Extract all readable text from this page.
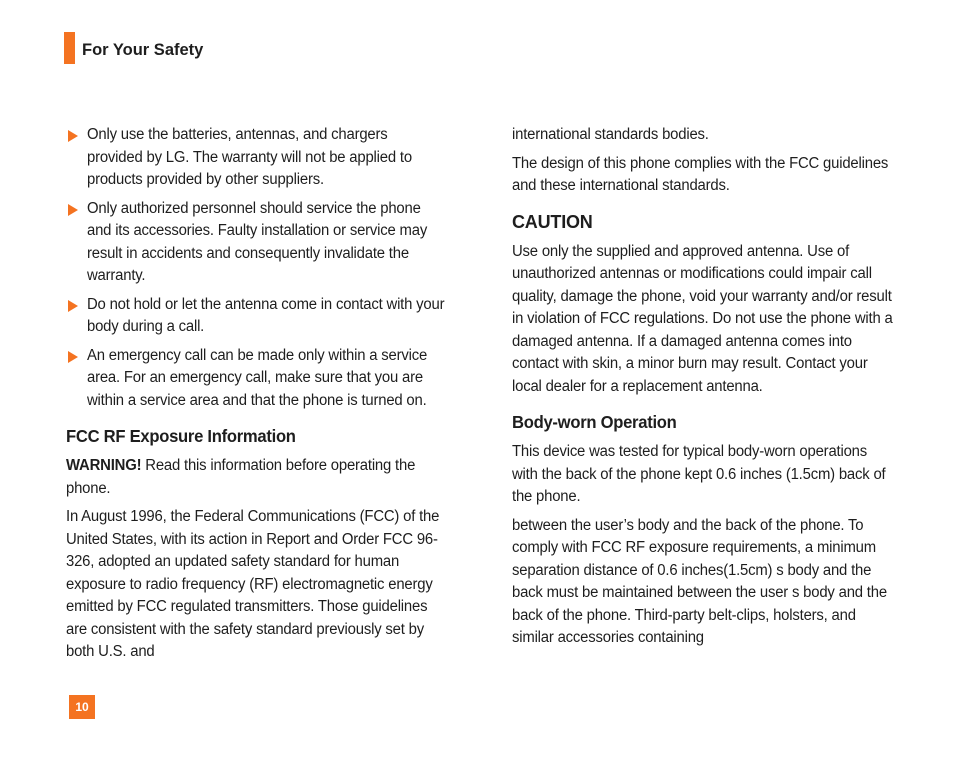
For Your Safety

Only use the batteries, antennas, and chargers provided by LG. The warranty will not be applied to products provided by other suppliers.

Only authorized personnel should service the phone and its accessories. Faulty installation or service may result in accidents and consequently invalidate the warranty.

Do not hold or let the antenna come in contact with your body during a call.

An emergency call can be made only within a service area. For an emergency call, make sure that you are within a service area and that the phone is turned on.

FCC RF Exposure Information

WARNING! Read this information before operating the phone.

In August 1996, the Federal Communications (FCC) of the United States, with its action in Report and Order FCC 96-326, adopted an updated safety standard for human exposure to radio frequency (RF) electromagnetic energy emitted by FCC regulated transmitters. Those guidelines are consistent with the safety standard previously set by both U.S. and

international standards bodies.

The design of this phone complies with the FCC guidelines and these international standards.

CAUTION

Use only the supplied and approved antenna. Use of unauthorized antennas or modifications could impair call quality, damage the phone, void your warranty and/or result in violation of FCC regulations. Do not use the phone with a damaged antenna. If a damaged antenna comes into contact with skin, a minor burn may result. Contact your local dealer for a replacement antenna.

Body-worn Operation

This device was tested for typical body-worn operations with the back of the phone kept 0.6 inches (1.5cm) back of the phone.

between the user’s body and the back of the phone. To comply with FCC RF exposure requirements, a minimum separation distance of 0.6 inches(1.5cm) s body and the back must be maintained between the user s body and the back of the phone. Third-party belt-clips, holsters, and similar accessories containing

10
